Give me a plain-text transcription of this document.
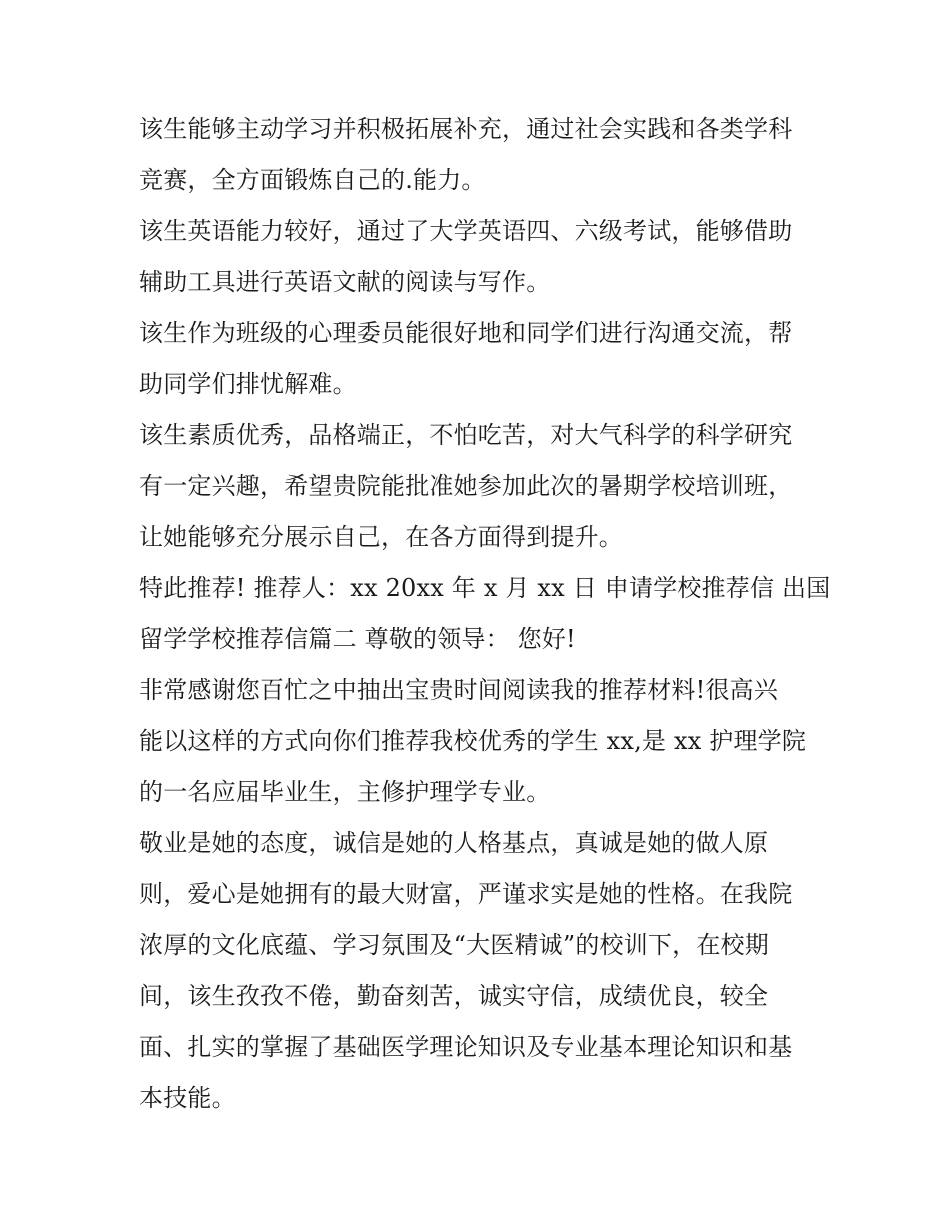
该生能够主动学习并积极拓展补充，通过社会实践和各类学科
竞赛，全方面锻炼自己的.能力。
该生英语能力较好，通过了大学英语四、六级考试，能够借助
辅助工具进行英语文献的阅读与写作。
该生作为班级的心理委员能很好地和同学们进行沟通交流，帮
助同学们排忧解难。
该生素质优秀，品格端正，不怕吃苦，对大气科学的科学研究
有一定兴趣，希望贵院能批准她参加此次的暑期学校培训班，
让她能够充分展示自己，在各方面得到提升。
特此推荐! 推荐人：xx 20xx 年 x 月 xx 日 申请学校推荐信 出国
留学学校推荐信篇二 尊敬的领导： 您好!
非常感谢您百忙之中抽出宝贵时间阅读我的推荐材料!很高兴
能以这样的方式向你们推荐我校优秀的学生 xx,是 xx 护理学院
的一名应届毕业生，主修护理学专业。
敬业是她的态度，诚信是她的人格基点，真诚是她的做人原
则，爱心是她拥有的最大财富，严谨求实是她的性格。在我院
浓厚的文化底蕴、学习氛围及“大医精诚”的校训下，在校期
间，该生孜孜不倦，勤奋刻苦，诚实守信，成绩优良，较全
面、扎实的掌握了基础医学理论知识及专业基本理论知识和基
本技能。
